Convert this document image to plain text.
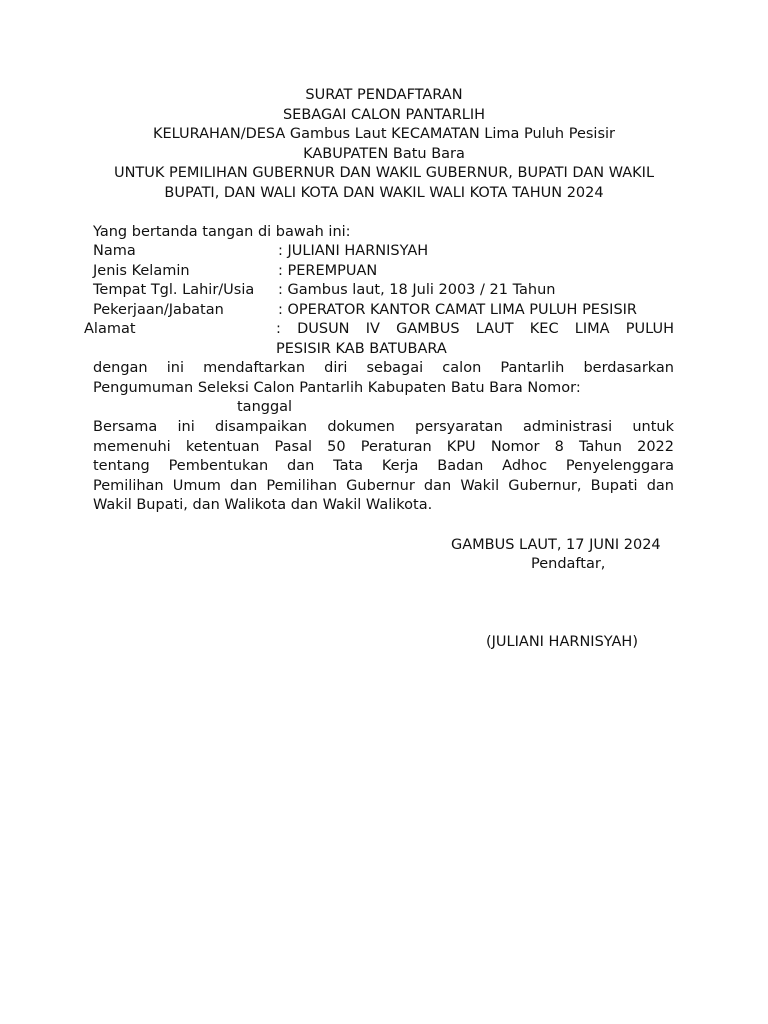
SURAT PENDAFTARAN
SEBAGAI CALON PANTARLIH
KELURAHAN/DESA Gambus Laut KECAMATAN Lima Puluh Pesisir
KABUPATEN Batu Bara
UNTUK PEMILIHAN GUBERNUR DAN WAKIL GUBERNUR, BUPATI DAN WAKIL
BUPATI, DAN WALI KOTA DAN WAKIL WALI KOTA TAHUN 2024
Yang bertanda tangan di bawah ini:
Nama	: JULIANI HARNISYAH
Jenis Kelamin	: PEREMPUAN
Tempat Tgl. Lahir/Usia : Gambus laut, 18 Juli 2003 / 21 Tahun
Pekerjaan/Jabatan	: OPERATOR KANTOR CAMAT LIMA PULUH PESISIR
Alamat	: DUSUN IV GAMBUS LAUT KEC LIMA PULUH
PESISIR KAB BATUBARA
dengan ini mendaftarkan diri sebagai calon Pantarlih berdasarkan
Pengumuman Seleksi Calon Pantarlih Kabupaten Batu Bara Nomor:
tanggal
Bersama ini disampaikan dokumen persyaratan administrasi untuk
memenuhi ketentuan Pasal 50 Peraturan KPU Nomor 8 Tahun 2022
tentang Pembentukan dan Tata Kerja Badan Adhoc Penyelenggara
Pemilihan Umum dan Pemilihan Gubernur dan Wakil Gubernur, Bupati dan
Wakil Bupati, dan Walikota dan Wakil Walikota.
GAMBUS LAUT, 17 JUNI 2024
Pendaftar,
(JULIANI HARNISYAH)
